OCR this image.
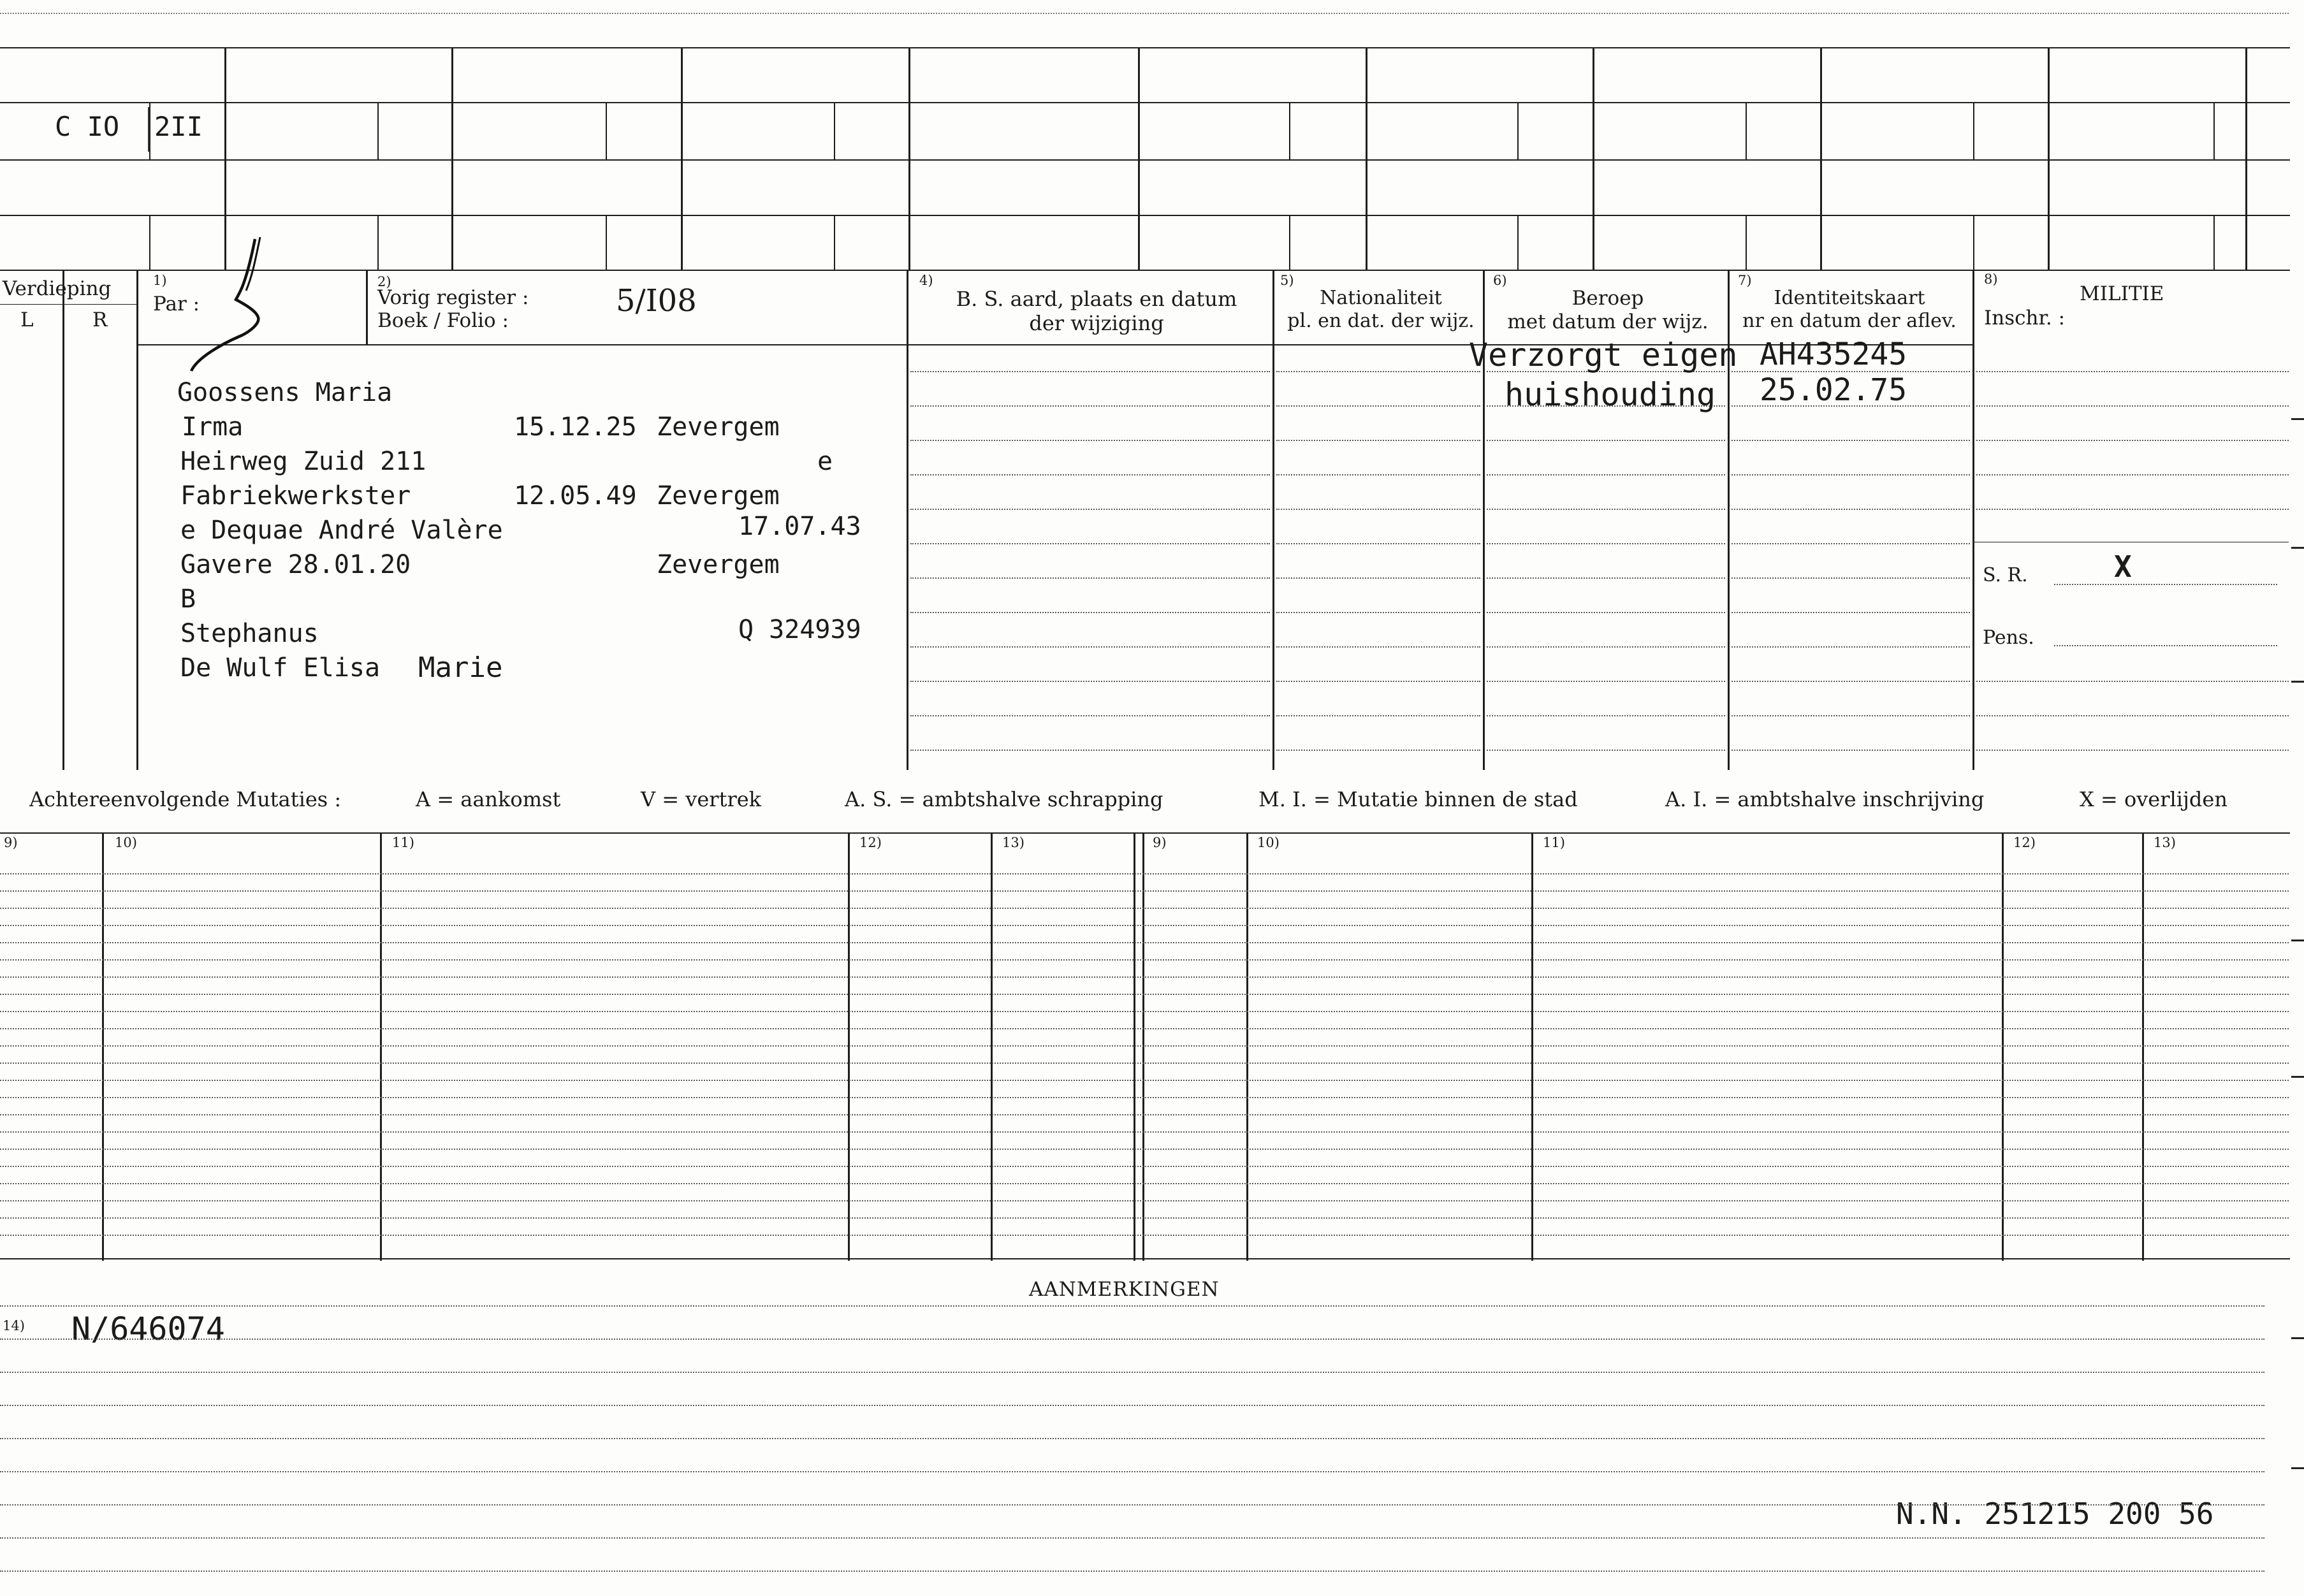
C IO 2II
Verdieping
L	R
1)
Par :
2)
Vorig register :
Boek / Folio :
5/I08
4)
B. S. aard, plaats en datum
der wijziging
5)
Nationaliteit
pl. en dat. der wijz.
6)
Beroep
met datum der wijz.
7)
Identiteitskaart
nr en datum der aflev.
8)
MILITIE
Inschr. :
S. R.	X
Pens.
Goossens Maria
Irma	15.12.25 Zevergem
Heirweg Zuid 211	e
Fabriekwerkster	12.05.49 Zevergem
e Dequae André Valère	17.07.43
Gavere 28.01.20	Zevergem
B
Stephanus	Q 324939
De Wulf Elisa Marie
Verzorgt eigen
huishouding
AH435245
25.02.75
Achtereenvolgende Mutaties :	A = aankomst	V = vertrek	A. S. = ambtshalve schrapping	M. I. = Mutatie binnen de stad	A. I. = ambtshalve inschrijving	X = overlijden
9)	10)	11)	12)	13)	9)	10)	11)	12)	13)
AANMERKINGEN
14) N/646074
N.N. 251215 200 56
